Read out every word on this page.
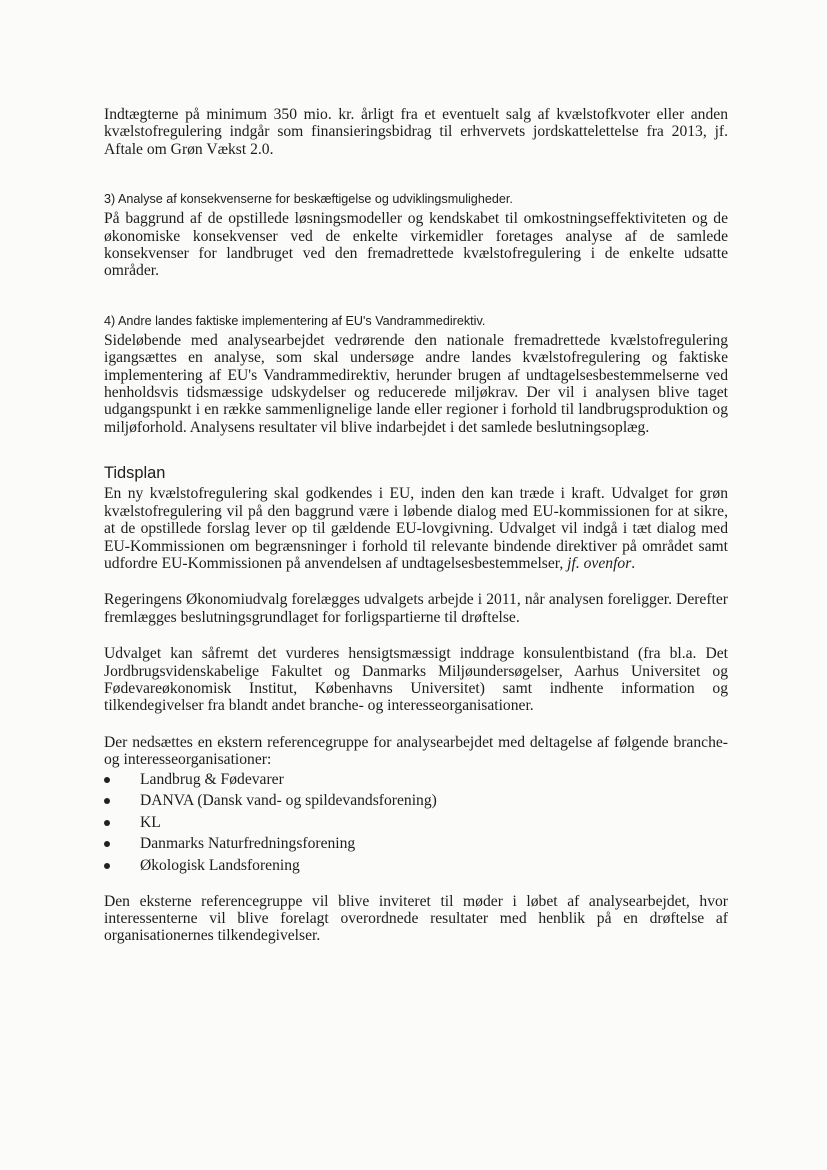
Indtægterne på minimum 350 mio. kr. årligt fra et eventuelt salg af kvælstofkvoter eller anden kvælstofregulering indgår som finansieringsbidrag til erhvervets jordskattelettelse fra 2013, jf. Aftale om Grøn Vækst 2.0.

3) Analyse af konsekvenserne for beskæftigelse og udviklingsmuligheder.

På baggrund af de opstillede løsningsmodeller og kendskabet til omkostningseffektiviteten og de økonomiske konsekvenser ved de enkelte virkemidler foretages analyse af de samlede konsekvenser for landbruget ved den fremadrettede kvælstofregulering i de enkelte udsatte områder.

4) Andre landes faktiske implementering af EU's Vandrammedirektiv.

Sideløbende med analysearbejdet vedrørende den nationale fremadrettede kvælstofregulering igangsættes en analyse, som skal undersøge andre landes kvælstofregulering og faktiske implementering af EU's Vandrammedirektiv, herunder brugen af undtagelsesbestemmelserne ved henholdsvis tidsmæssige udskydelser og reducerede miljøkrav. Der vil i analysen blive taget udgangspunkt i en række sammenlignelige lande eller regioner i forhold til landbrugsproduktion og miljøforhold. Analysens resultater vil blive indarbejdet i det samlede beslutningsoplæg.

Tidsplan

En ny kvælstofregulering skal godkendes i EU, inden den kan træde i kraft. Udvalget for grøn kvælstofregulering vil på den baggrund være i løbende dialog med EU-kommissionen for at sikre, at de opstillede forslag lever op til gældende EU-lovgivning. Udvalget vil indgå i tæt dialog med EU-Kommissionen om begrænsninger i forhold til relevante bindende direktiver på området samt udfordre EU-Kommissionen på anvendelsen af undtagelsesbestemmelser, jf. ovenfor.

Regeringens Økonomiudvalg forelægges udvalgets arbejde i 2011, når analysen foreligger. Derefter fremlægges beslutningsgrundlaget for forligspartierne til drøftelse.

Udvalget kan såfremt det vurderes hensigtsmæssigt inddrage konsulentbistand (fra bl.a. Det Jordbrugsvidenskabelige Fakultet og Danmarks Miljøundersøgelser, Aarhus Universitet og Fødevareøkonomisk Institut, Københavns Universitet) samt indhente information og tilkendegivelser fra blandt andet branche- og interesseorganisationer.

Der nedsættes en ekstern referencegruppe for analysearbejdet med deltagelse af følgende branche- og interesseorganisationer:

Landbrug & Fødevarer
DANVA (Dansk vand- og spildevandsforening)
KL
Danmarks Naturfredningsforening
Økologisk Landsforening

Den eksterne referencegruppe vil blive inviteret til møder i løbet af analysearbejdet, hvor interessenterne vil blive forelagt overordnede resultater med henblik på en drøftelse af organisationernes tilkendegivelser.
